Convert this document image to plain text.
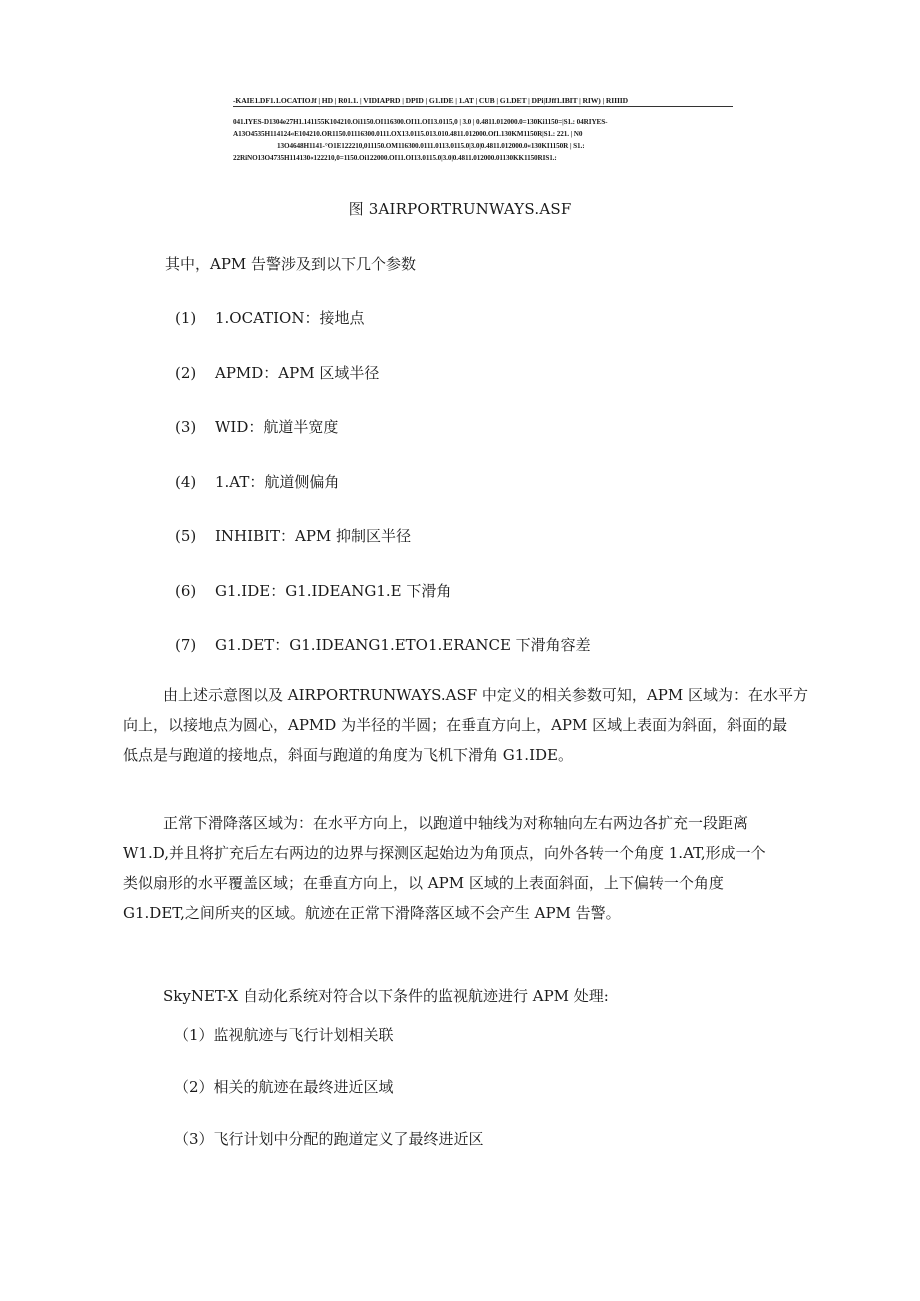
-KAIE1.DF1.1.OCATIOJf | HD | R01.1. | VIDIAPRD | DPID | G1.IDE | 1.AT | CUB | G1.DET | DPi|IJff1.IBIT | RIW) | RIIIID
041.IYES-D1304e27H1.141155K104210.Oi1150.OI116300.OI11.OI13.0115,0 | 3.0 | 0.4811.012000.0=130Ki1150=|S1.: 04RIYES-
A13O4535H114124«E104210.OR1150.01116300.0111.OX13.0115.013.010.4811.012000.Of1.130KM1150R|S1.: 221. | N0
13O4648H1141-°O1E122210,011150.OM116300.0111.0113.0115.0|3.0|0.4811.012000.0«130KI1150R | S1.:
22RiNO13O4735H114130«122210,0=1150.Oi122000.OI11.OI13.0115.0|3.0|0.4811.012000.01130KK1150RIS1.:
图 3AIRPORTRUNWAYS.ASF
其中，APM 告警涉及到以下几个参数
(1) 1.OCATION：接地点
(2) APMD：APM 区域半径
(3) WID：航道半宽度
(4) 1.AT：航道侧偏角
(5) INHIBIT：APM 抑制区半径
(6) G1.IDE：G1.IDEANG1.E 下滑角
(7) G1.DET：G1.IDEANG1.ETO1.ERANCE 下滑角容差

由上述示意图以及 AIRPORTRUNWAYS.ASF 中定义的相关参数可知，APM 区域为：在水平方
向上，以接地点为圆心，APMD 为半径的半圆；在垂直方向上，APM 区域上表面为斜面，斜面的最
低点是与跑道的接地点，斜面与跑道的角度为飞机下滑角 G1.IDE。

正常下滑降落区域为：在水平方向上，以跑道中轴线为对称轴向左右两边各扩充一段距离
W1.D,并且将扩充后左右两边的边界与探测区起始边为角顶点，向外各转一个角度 1.AT,形成一个
类似扇形的水平覆盖区域；在垂直方向上，以 APM 区域的上表面斜面，上下偏转一个角度
G1.DET,之间所夹的区域。航迹在正常下滑降落区域不会产生 APM 告警。

SkyNET-X 自动化系统对符合以下条件的监视航迹进行 APM 处理:
（1）监视航迹与飞行计划相关联
（2）相关的航迹在最终进近区域
（3）飞行计划中分配的跑道定义了最终进近区
